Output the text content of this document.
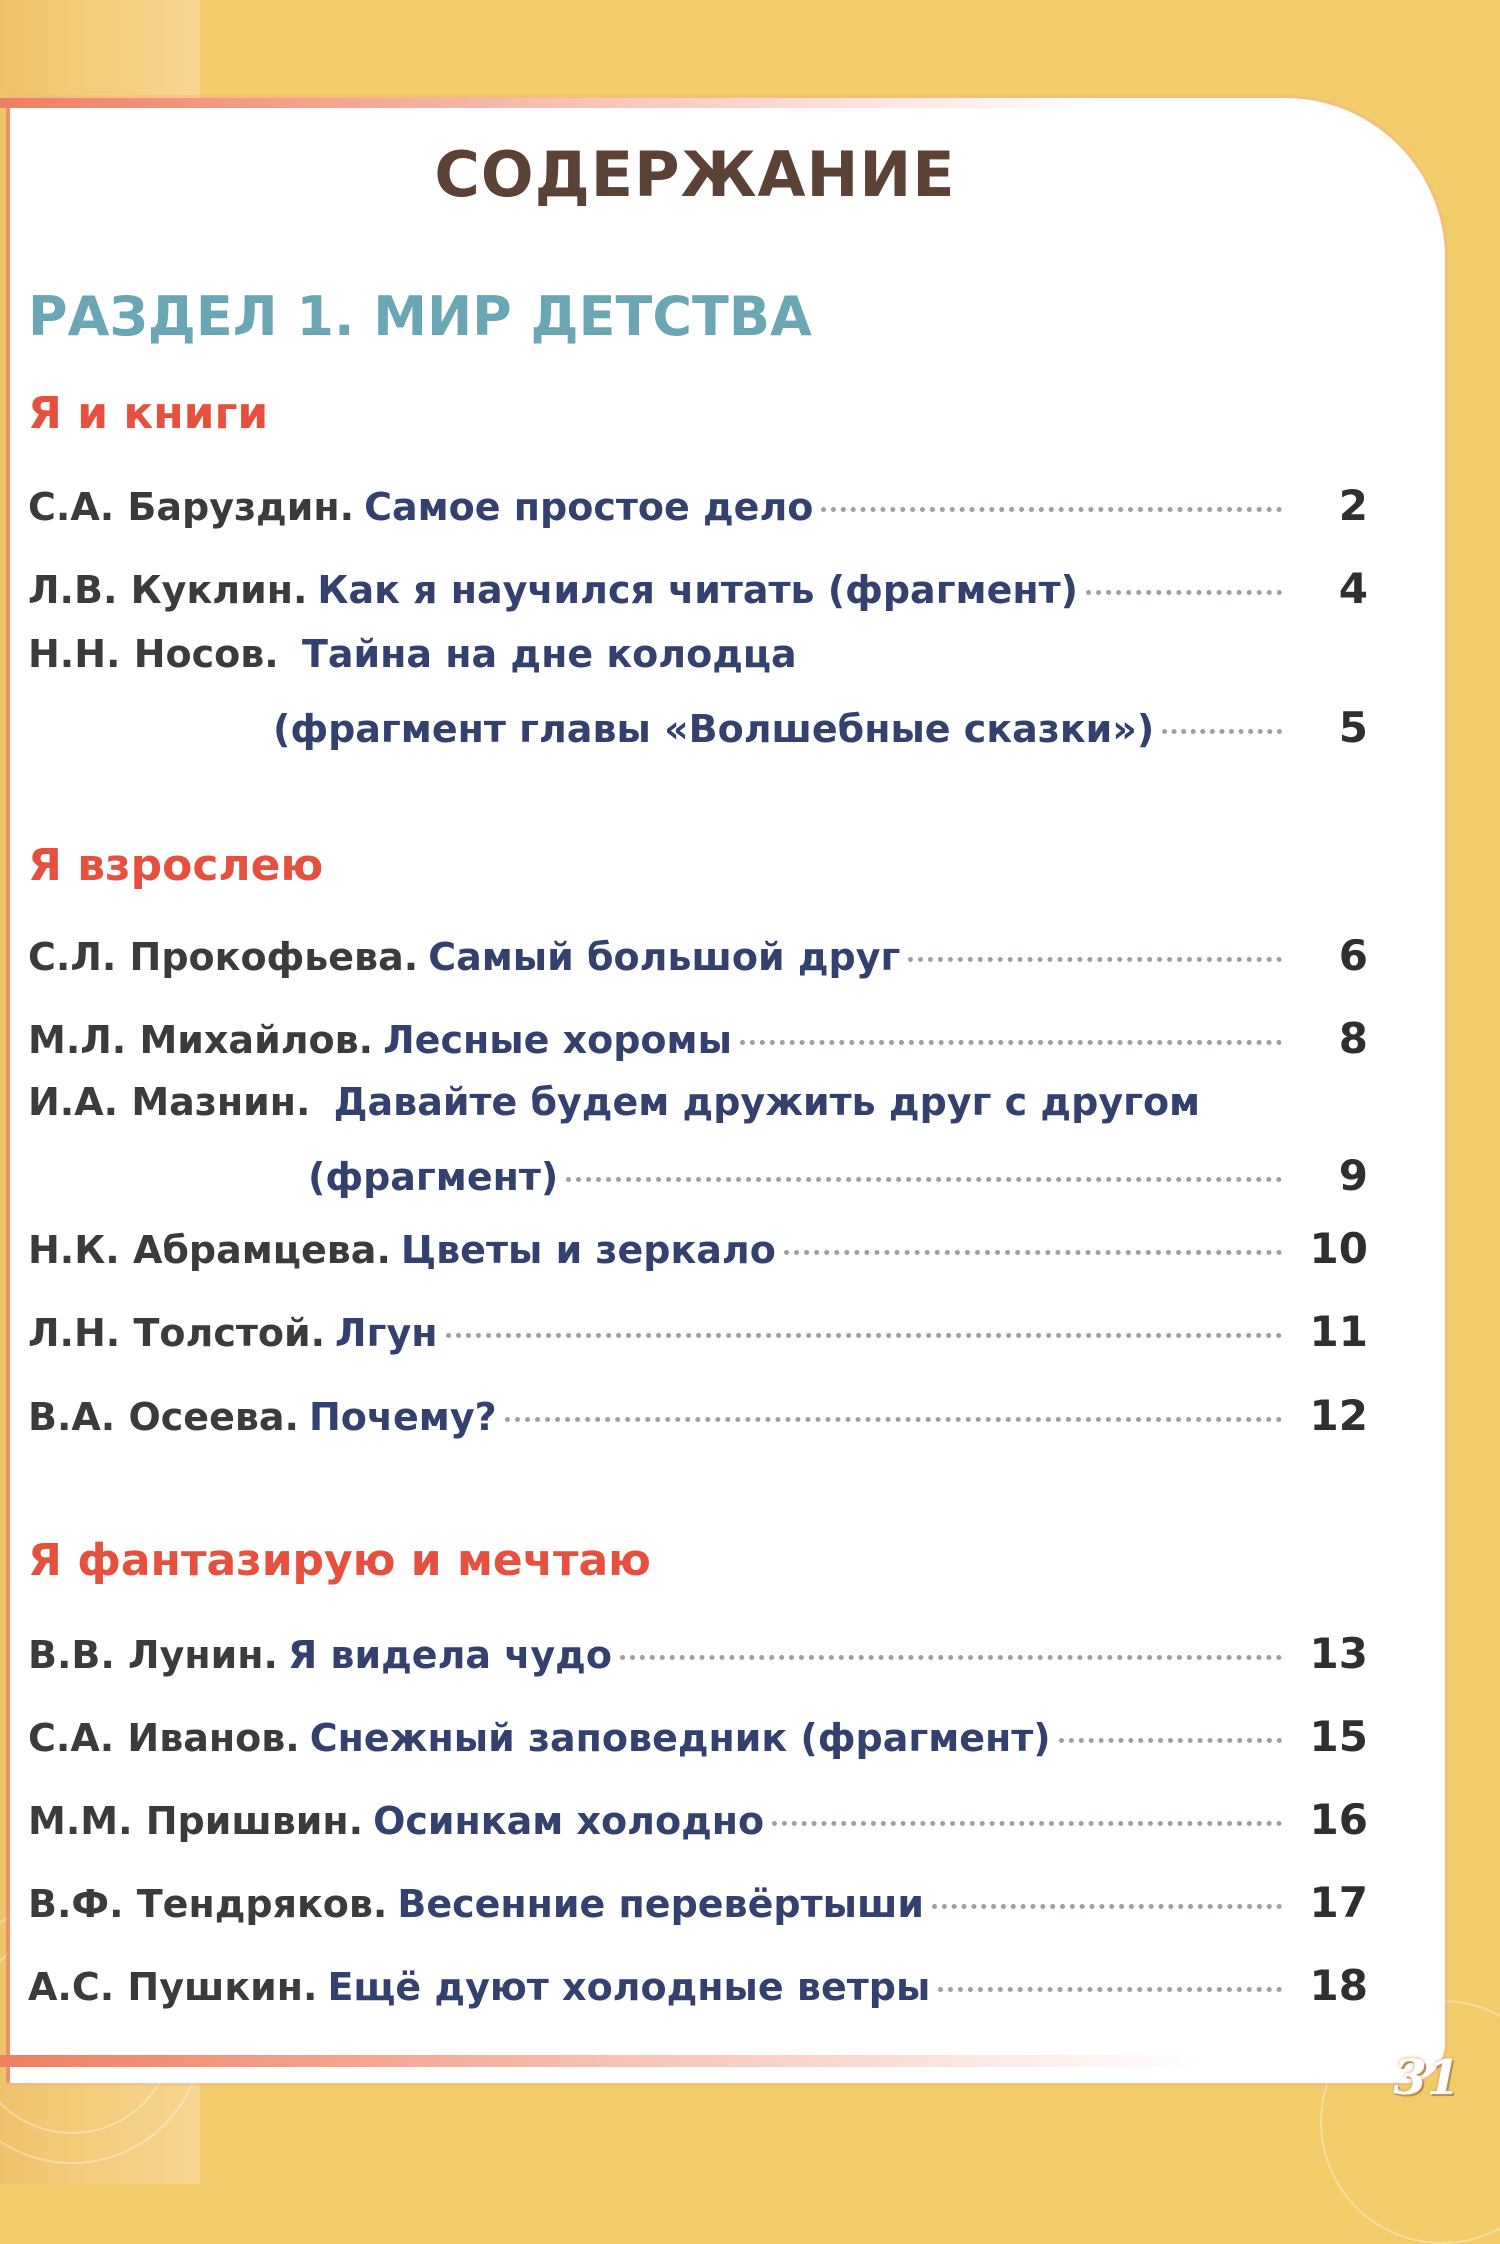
СОДЕРЖАНИЕ
РАЗДЕЛ 1. МИР ДЕТСТВА
Я и книги
С.А. Баруздин. Самое простое дело	2
Л.В. Куклин. Как я научился читать (фрагмент)	4
Н.Н. Носов. Тайна на дне колодца
(фрагмент главы «Волшебные сказки»)	5
Я взрослею
С.Л. Прокофьева. Самый большой друг	6
М.Л. Михайлов. Лесные хоромы	8
И.А. Мазнин. Давайте будем дружить друг с другом
(фрагмент)	9
Н.К. Абрамцева. Цветы и зеркало	10
Л.Н. Толстой. Лгун	11
В.А. Осеева. Почему?	12
Я фантазирую и мечтаю
В.В. Лунин. Я видела чудо	13
С.А. Иванов. Снежный заповедник (фрагмент)	15
М.М. Пришвин. Осинкам холодно	16
В.Ф. Тендряков. Весенние перевёртыши	17
А.С. Пушкин. Ещё дуют холодные ветры	18
31
